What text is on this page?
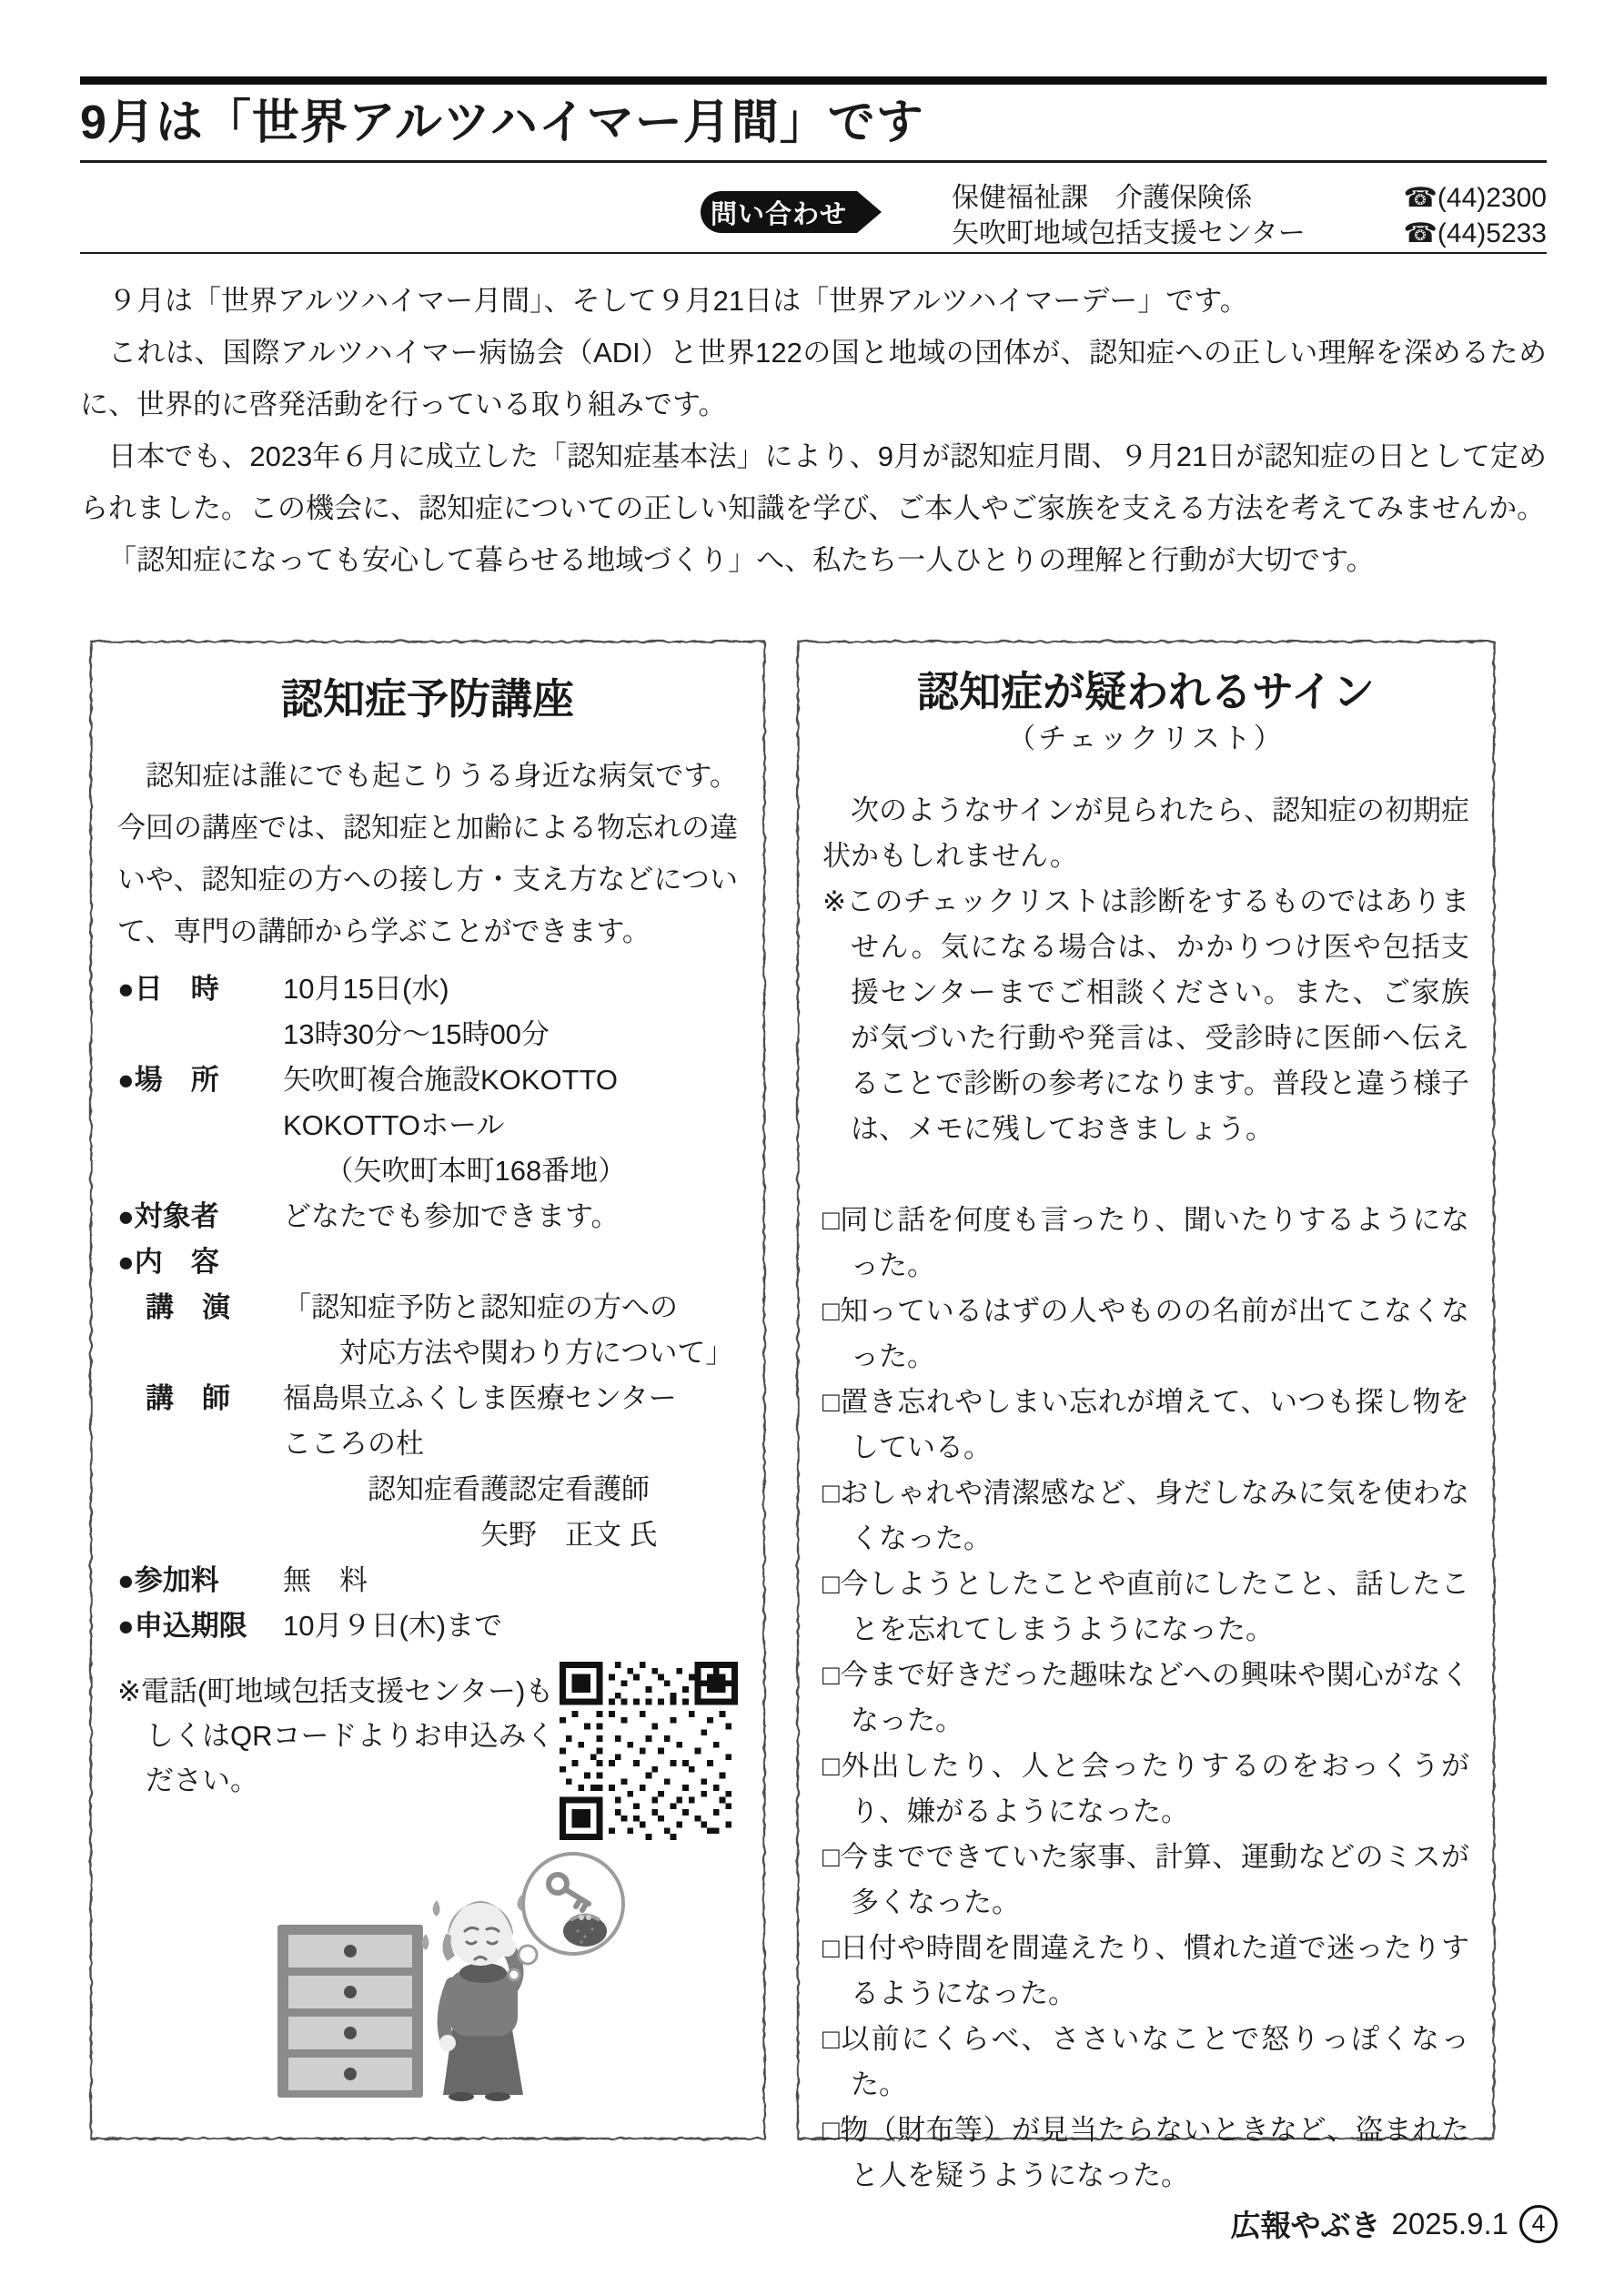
9月は「世界アルツハイマー月間」です
問い合わせ
保健福祉課　介護保険係	☎(44)2300
矢吹町地域包括支援センター	☎(44)5233

９月は「世界アルツハイマー月間」、そして９月21日は「世界アルツハイマーデー」です。

これは、国際アルツハイマー病協会（ADI）と世界122の国と地域の団体が、認知症への正しい理解を深めるために、世界的に啓発活動を行っている取り組みです。

日本でも、2023年６月に成立した「認知症基本法」により、9月が認知症月間、９月21日が認知症の日として定められました。この機会に、認知症についての正しい知識を学び、ご本人やご家族を支える方法を考えてみませんか。

「認知症になっても安心して暮らせる地域づくり」へ、私たち一人ひとりの理解と行動が大切です。

認知症予防講座

認知症は誰にでも起こりうる身近な病気です。今回の講座では、認知症と加齢による物忘れの違いや、認知症の方への接し方・支え方などについて、専門の講師から学ぶことができます。

●日　時	10月15日(水)
13時30分～15時00分
●場　所	矢吹町複合施設KOKOTTO
KOKOTTOホール
　　（矢吹町本町168番地）
●対象者	どなたでも参加できます。
●内　容
　講　演	「認知症予防と認知症の方への
　　対応方法や関わり方について」
　講　師	福島県立ふくしま医療センター
こころの杜
　　　認知症看護認定看護師
　　　　　　　矢野　正文 氏
●参加料	無　料
●申込期限	10月９日(木)まで

※電話(町地域包括支援センター)もしくはQRコードよりお申込みください。

認知症が疑われるサイン
（チェックリスト）

次のようなサインが見られたら、認知症の初期症状かもしれません。

※このチェックリストは診断をするものではありません。気になる場合は、かかりつけ医や包括支援センターまでご相談ください。また、ご家族が気づいた行動や発言は、受診時に医師へ伝えることで診断の参考になります。普段と違う様子は、メモに残しておきましょう。

□同じ話を何度も言ったり、聞いたりするようになった。

□知っているはずの人やものの名前が出てこなくなった。

□置き忘れやしまい忘れが増えて、いつも探し物をしている。

□おしゃれや清潔感など、身だしなみに気を使わなくなった。

□今しようとしたことや直前にしたこと、話したことを忘れてしまうようになった。

□今まで好きだった趣味などへの興味や関心がなくなった。

□外出したり、人と会ったりするのをおっくうがり、嫌がるようになった。

□今までできていた家事、計算、運動などのミスが多くなった。

□日付や時間を間違えたり、慣れた道で迷ったりするようになった。

□以前にくらべ、ささいなことで怒りっぽくなった。

□物（財布等）が見当たらないときなど、盗まれたと人を疑うようになった。

広報やぶき 2025.9.1 4
